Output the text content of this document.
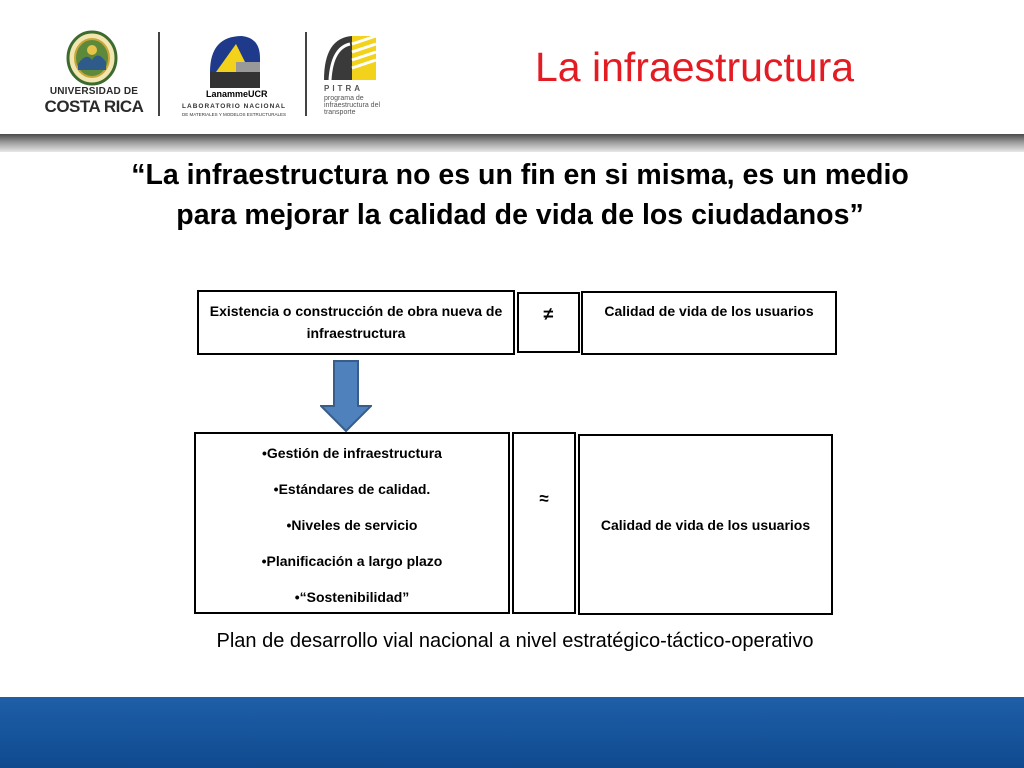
UNIVERSIDAD DE
COSTA RICA
LanammeUCR
LABORATORIO NACIONAL
DE MATERIALES Y MODELOS ESTRUCTURALES
PITRA
programa de infraestructura del transporte
La infraestructura
“La infraestructura no es un fin en si misma, es un medio para mejorar la calidad de vida de los ciudadanos”
Existencia o construcción de obra nueva de infraestructura
≠	Calidad de vida de los usuarios
•Gestión de infraestructura
•Estándares de calidad.
•Niveles de servicio
•Planificación a largo plazo
•“Sostenibilidad”
≈
Calidad de vida de los usuarios
Plan de desarrollo vial nacional a nivel estratégico-táctico-operativo
